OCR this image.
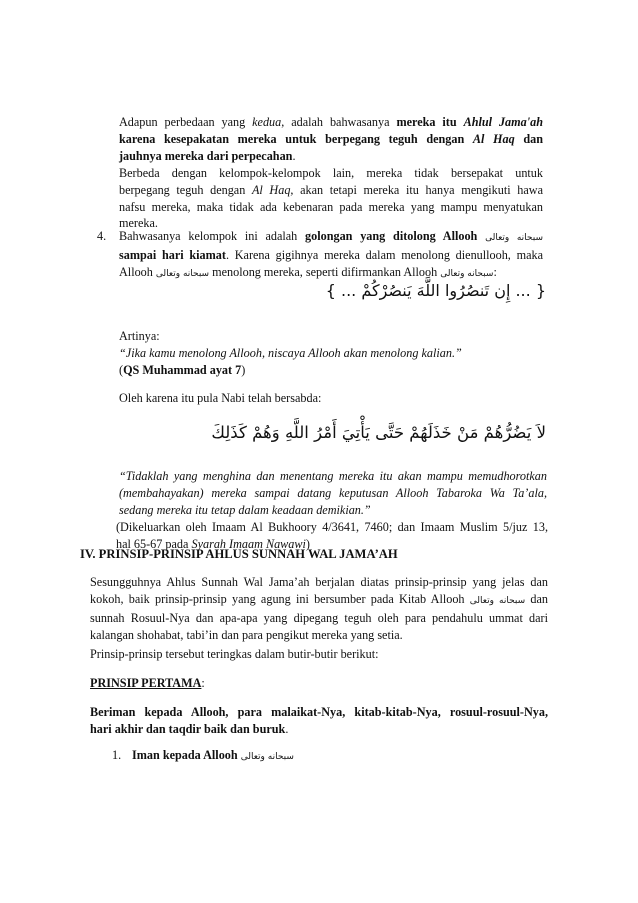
Adapun perbedaan yang kedua, adalah bahwasanya mereka itu Ahlul Jama'ah

karena kesepakatan mereka untuk berpegang teguh dengan Al Haq dan

jauhnya mereka dari perpecahan.

Berbeda dengan kelompok-kelompok lain, mereka tidak bersepakat untuk

berpegang teguh dengan Al Haq, akan tetapi mereka itu hanya mengikuti hawa

nafsu mereka, maka tidak ada kebenaran pada mereka yang mampu menyatukan

mereka.

4. Bahwasanya kelompok ini adalah golongan yang ditolong Allooh سبحانه وتعالى

sampai hari kiamat. Karena gigihnya mereka dalam menolong dienullooh, maka

Allooh سبحانه وتعالى menolong mereka, seperti difirmankan Allooh سبحانه وتعالى:

{ ... إِن تَنصُرُوا اللَّهَ يَنصُرْكُمْ ... }

Artinya:

“Jika kamu menolong Allooh, niscaya Allooh akan menolong kalian.”

(QS Muhammad ayat 7)

Oleh karena itu pula Nabi telah bersabda:
لاَ يَضُرُّهُمْ مَنْ خَذَلَهُمْ حَتَّى يَأْتِيَ أَمْرُ اللَّهِ وَهُمْ كَذَلِكَ

“Tidaklah yang menghina dan menentang mereka itu akan mampu memudhorotkan

(membahayakan) mereka sampai datang keputusan Allooh Tabaroka Wa Ta’ala,

sedang mereka itu tetap dalam keadaan demikian.”

(Dikeluarkan oleh Imaam Al Bukhoory 4/3641, 7460; dan Imaam Muslim 5/juz 13,

hal 65-67 pada Syarah Imaam Nawawi)

IV. PRINSIP-PRINSIP AHLUS SUNNAH WAL JAMA’AH

Sesungguhnya Ahlus Sunnah Wal Jama’ah berjalan diatas prinsip-prinsip yang jelas dan

kokoh, baik prinsip-prinsip yang agung ini bersumber pada Kitab Allooh سبحانه وتعالى dan

sunnah Rosuul-Nya dan apa-apa yang dipegang teguh oleh para pendahulu ummat dari

kalangan shohabat, tabi’in dan para pengikut mereka yang setia.

Prinsip-prinsip tersebut teringkas dalam butir-butir berikut:
PRINSIP PERTAMA:

Beriman kepada Allooh, para malaikat-Nya, kitab-kitab-Nya, rosuul-rosuul-Nya,

hari akhir dan taqdir baik dan buruk.

1. Iman kepada Allooh سبحانه وتعالى
